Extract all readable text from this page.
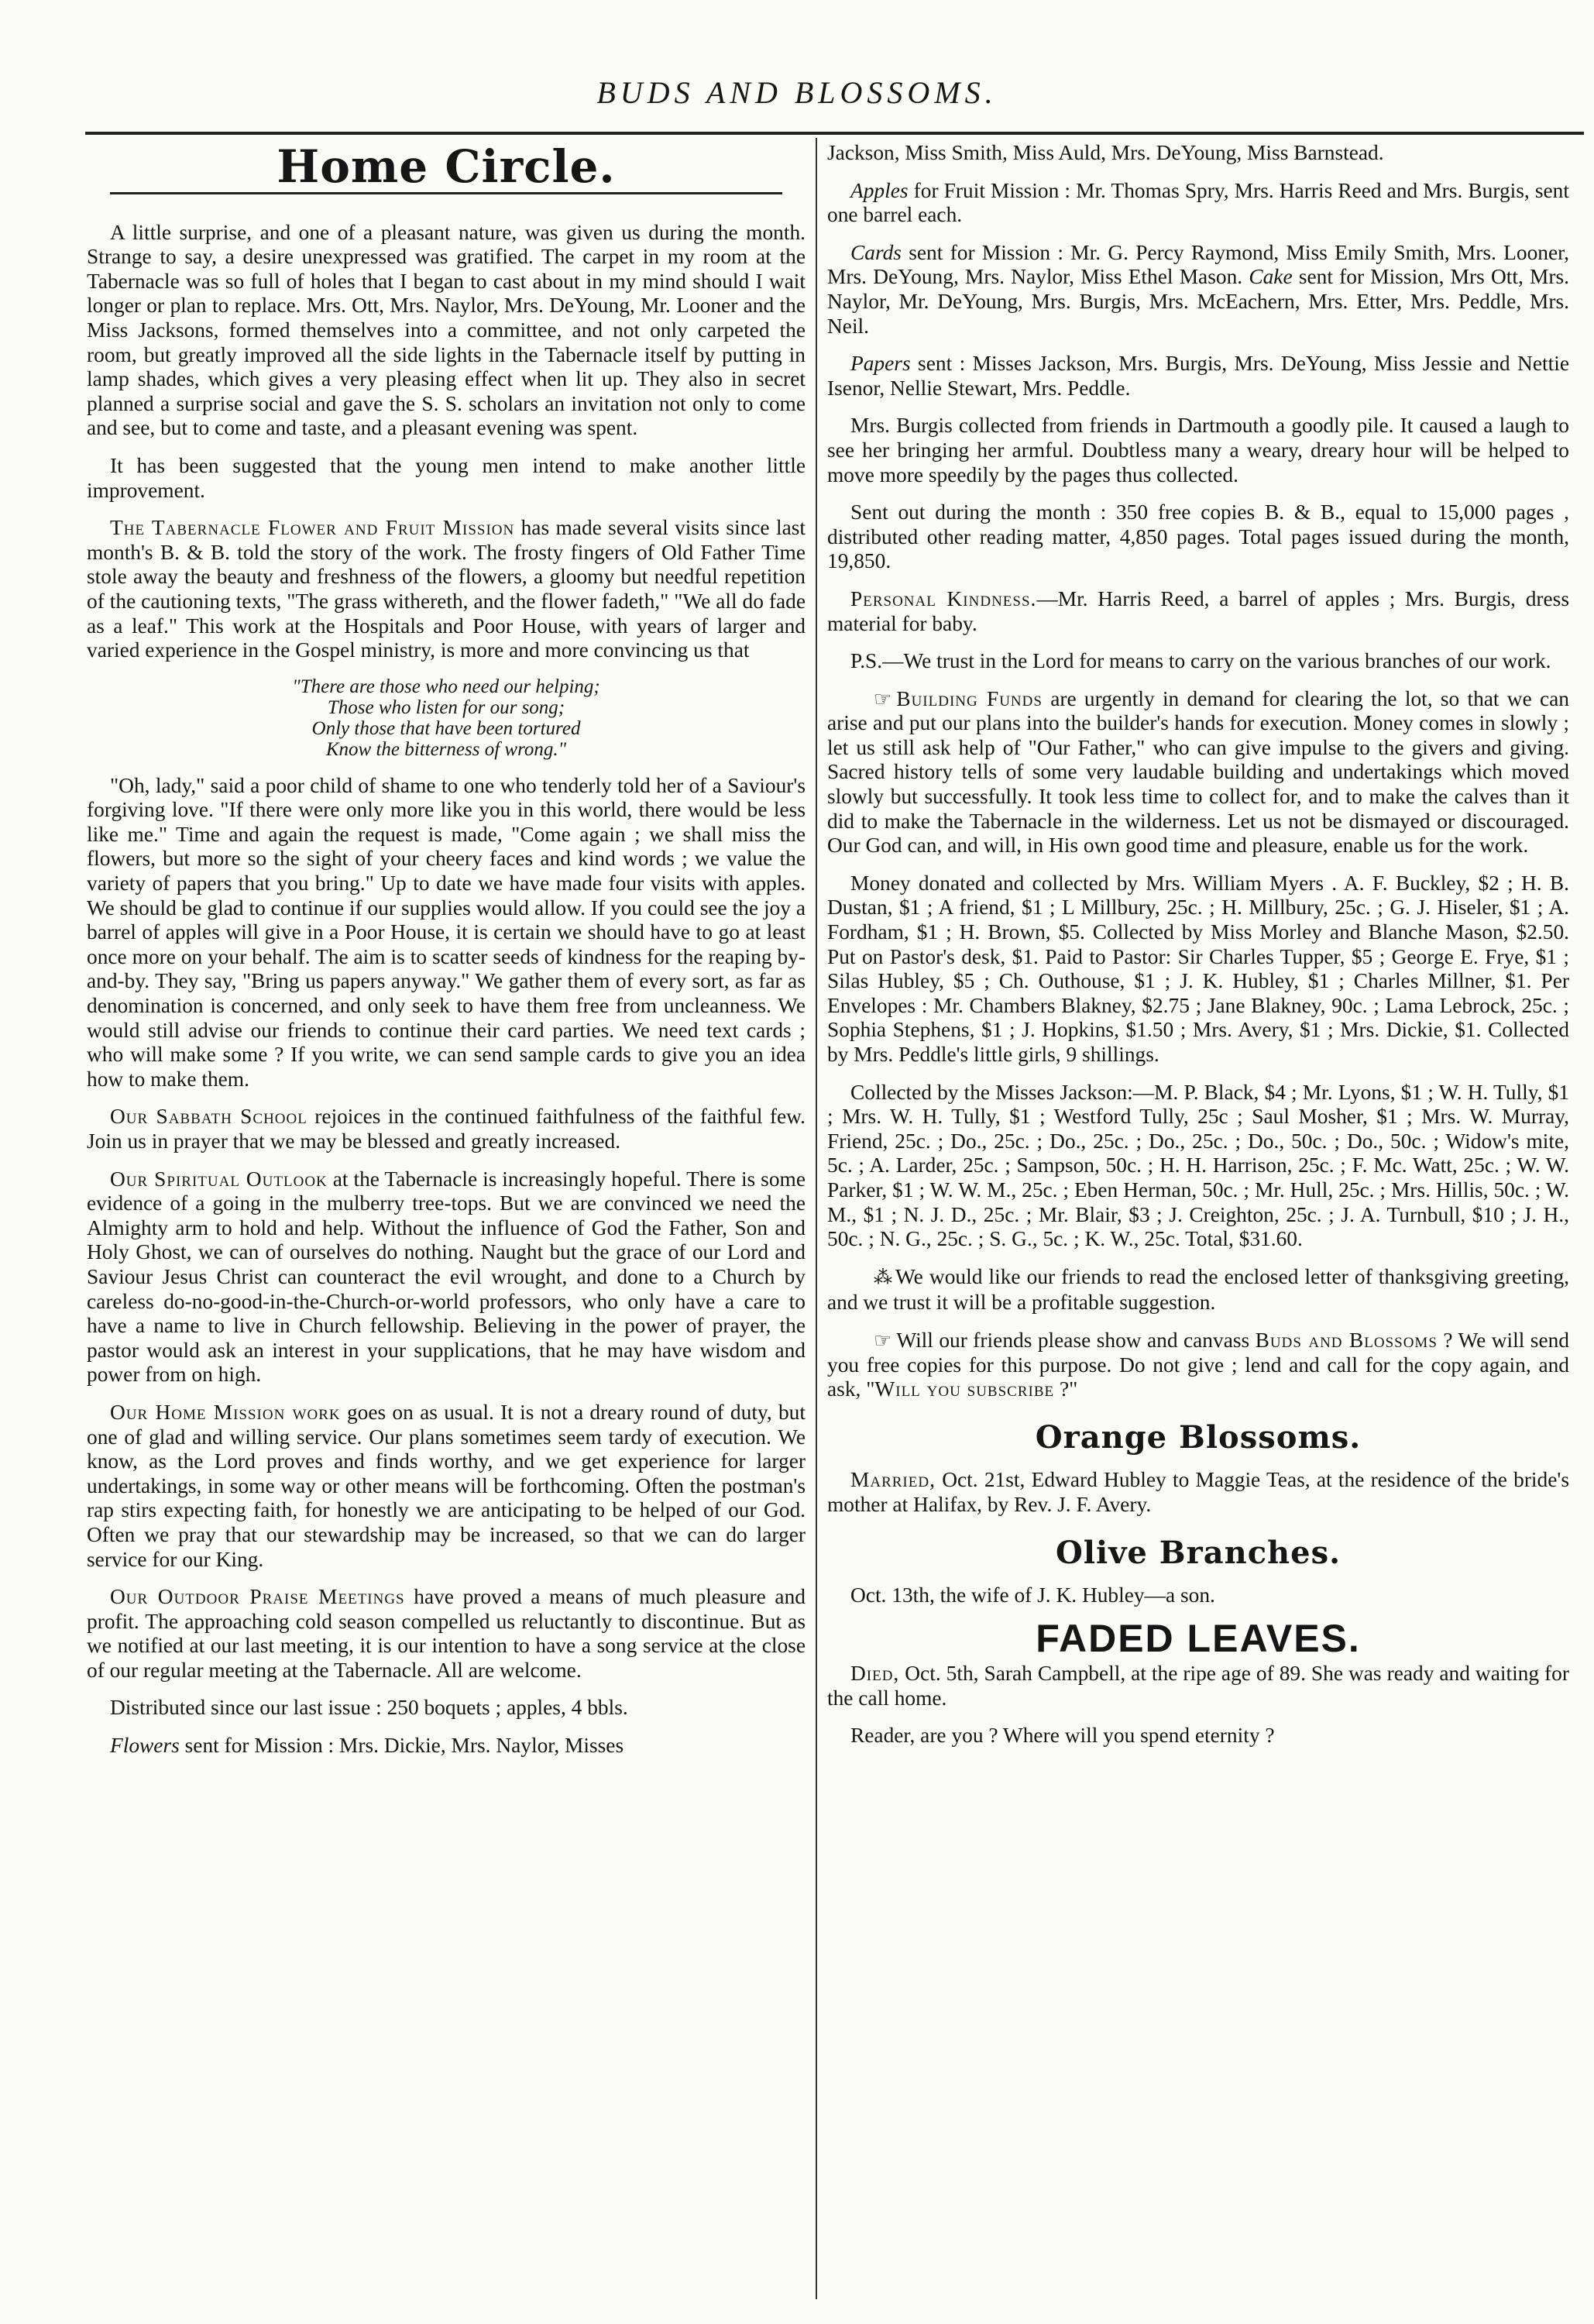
BUDS AND BLOSSOMS.
Home Circle.

A little surprise, and one of a pleasant nature, was given us during the month. Strange to say, a desire unexpressed was gratified. The carpet in my room at the Tabernacle was so full of holes that I began to cast about in my mind should I wait longer or plan to replace. Mrs. Ott, Mrs. Naylor, Mrs. DeYoung, Mr. Looner and the Miss Jacksons, formed themselves into a committee, and not only carpeted the room, but greatly improved all the side lights in the Tabernacle itself by putting in lamp shades, which gives a very pleasing effect when lit up. They also in secret planned a surprise social and gave the S. S. scholars an invitation not only to come and see, but to come and taste, and a pleasant evening was spent.

It has been suggested that the young men intend to make another little improvement.

The Tabernacle Flower and Fruit Mission has made several visits since last month's B. & B. told the story of the work. The frosty fingers of Old Father Time stole away the beauty and freshness of the flowers, a gloomy but needful repetition of the cautioning texts, "The grass withereth, and the flower fadeth," "We all do fade as a leaf." This work at the Hospitals and Poor House, with years of larger and varied experience in the Gospel ministry, is more and more convincing us that

"There are those who need our helping;
Those who listen for our song;
Only those that have been tortured
Know the bitterness of wrong."

"Oh, lady," said a poor child of shame to one who tenderly told her of a Saviour's forgiving love. "If there were only more like you in this world, there would be less like me." Time and again the request is made, "Come again ; we shall miss the flowers, but more so the sight of your cheery faces and kind words ; we value the variety of papers that you bring." Up to date we have made four visits with apples. We should be glad to continue if our supplies would allow. If you could see the joy a barrel of apples will give in a Poor House, it is certain we should have to go at least once more on your behalf. The aim is to scatter seeds of kindness for the reaping by-and-by. They say, "Bring us papers anyway." We gather them of every sort, as far as denomination is concerned, and only seek to have them free from uncleanness. We would still advise our friends to continue their card parties. We need text cards ; who will make some ? If you write, we can send sample cards to give you an idea how to make them.

Our Sabbath School rejoices in the continued faithfulness of the faithful few. Join us in prayer that we may be blessed and greatly increased.

Our Spiritual Outlook at the Tabernacle is increasingly hopeful. There is some evidence of a going in the mulberry tree-tops. But we are convinced we need the Almighty arm to hold and help. Without the influence of God the Father, Son and Holy Ghost, we can of ourselves do nothing. Naught but the grace of our Lord and Saviour Jesus Christ can counteract the evil wrought, and done to a Church by careless do-no-good-in-the-Church-or-world professors, who only have a care to have a name to live in Church fellowship. Believing in the power of prayer, the pastor would ask an interest in your supplications, that he may have wisdom and power from on high.

Our Home Mission work goes on as usual. It is not a dreary round of duty, but one of glad and willing service. Our plans sometimes seem tardy of execution. We know, as the Lord proves and finds worthy, and we get experience for larger undertakings, in some way or other means will be forthcoming. Often the postman's rap stirs expecting faith, for honestly we are anticipating to be helped of our God. Often we pray that our stewardship may be increased, so that we can do larger service for our King.

Our Outdoor Praise Meetings have proved a means of much pleasure and profit. The approaching cold season compelled us reluctantly to discontinue. But as we notified at our last meeting, it is our intention to have a song service at the close of our regular meeting at the Tabernacle. All are welcome.

Distributed since our last issue : 250 boquets ; apples, 4 bbls.

Flowers sent for Mission : Mrs. Dickie, Mrs. Naylor, Misses

Jackson, Miss Smith, Miss Auld, Mrs. DeYoung, Miss Barnstead.

Apples for Fruit Mission : Mr. Thomas Spry, Mrs. Harris Reed and Mrs. Burgis, sent one barrel each.

Cards sent for Mission : Mr. G. Percy Raymond, Miss Emily Smith, Mrs. Looner, Mrs. DeYoung, Mrs. Naylor, Miss Ethel Mason. Cake sent for Mission, Mrs Ott, Mrs. Naylor, Mr. DeYoung, Mrs. Burgis, Mrs. McEachern, Mrs. Etter, Mrs. Peddle, Mrs. Neil.

Papers sent : Misses Jackson, Mrs. Burgis, Mrs. DeYoung, Miss Jessie and Nettie Isenor, Nellie Stewart, Mrs. Peddle.

Mrs. Burgis collected from friends in Dartmouth a goodly pile. It caused a laugh to see her bringing her armful. Doubtless many a weary, dreary hour will be helped to move more speedily by the pages thus collected.

Sent out during the month : 350 free copies B. & B., equal to 15,000 pages , distributed other reading matter, 4,850 pages. Total pages issued during the month, 19,850.

Personal Kindness.—Mr. Harris Reed, a barrel of apples ; Mrs. Burgis, dress material for baby.

P.S.—We trust in the Lord for means to carry on the various branches of our work.

☞ Building Funds are urgently in demand for clearing the lot, so that we can arise and put our plans into the builder's hands for execution. Money comes in slowly ; let us still ask help of "Our Father," who can give impulse to the givers and giving. Sacred history tells of some very laudable building and undertakings which moved slowly but successfully. It took less time to collect for, and to make the calves than it did to make the Tabernacle in the wilderness. Let us not be dismayed or discouraged. Our God can, and will, in His own good time and pleasure, enable us for the work.

Money donated and collected by Mrs. William Myers . A. F. Buckley, $2 ; H. B. Dustan, $1 ; A friend, $1 ; L Millbury, 25c. ; H. Millbury, 25c. ; G. J. Hiseler, $1 ; A. Fordham, $1 ; H. Brown, $5. Collected by Miss Morley and Blanche Mason, $2.50. Put on Pastor's desk, $1. Paid to Pastor: Sir Charles Tupper, $5 ; George E. Frye, $1 ; Silas Hubley, $5 ; Ch. Outhouse, $1 ; J. K. Hubley, $1 ; Charles Millner, $1. Per Envelopes : Mr. Chambers Blakney, $2.75 ; Jane Blakney, 90c. ; Lama Lebrock, 25c. ; Sophia Stephens, $1 ; J. Hopkins, $1.50 ; Mrs. Avery, $1 ; Mrs. Dickie, $1. Collected by Mrs. Peddle's little girls, 9 shillings.

Collected by the Misses Jackson:—M. P. Black, $4 ; Mr. Lyons, $1 ; W. H. Tully, $1 ; Mrs. W. H. Tully, $1 ; Westford Tully, 25c ; Saul Mosher, $1 ; Mrs. W. Murray, Friend, 25c. ; Do., 25c. ; Do., 25c. ; Do., 25c. ; Do., 50c. ; Do., 50c. ; Widow's mite, 5c. ; A. Larder, 25c. ; Sampson, 50c. ; H. H. Harrison, 25c. ; F. Mc. Watt, 25c. ; W. W. Parker, $1 ; W. W. M., 25c. ; Eben Herman, 50c. ; Mr. Hull, 25c. ; Mrs. Hillis, 50c. ; W. M., $1 ; N. J. D., 25c. ; Mr. Blair, $3 ; J. Creighton, 25c. ; J. A. Turnbull, $10 ; J. H., 50c. ; N. G., 25c. ; S. G., 5c. ; K. W., 25c. Total, $31.60.

⁂ We would like our friends to read the enclosed letter of thanksgiving greeting, and we trust it will be a profitable suggestion.

☞ Will our friends please show and canvass Buds and Blossoms ? We will send you free copies for this purpose. Do not give ; lend and call for the copy again, and ask, "Will you subscribe ?"

Orange Blossoms.

Married, Oct. 21st, Edward Hubley to Maggie Teas, at the residence of the bride's mother at Halifax, by Rev. J. F. Avery.

Olive Branches.

Oct. 13th, the wife of J. K. Hubley—a son.

FADED LEAVES.

Died, Oct. 5th, Sarah Campbell, at the ripe age of 89. She was ready and waiting for the call home.

Reader, are you ? Where will you spend eternity ?
